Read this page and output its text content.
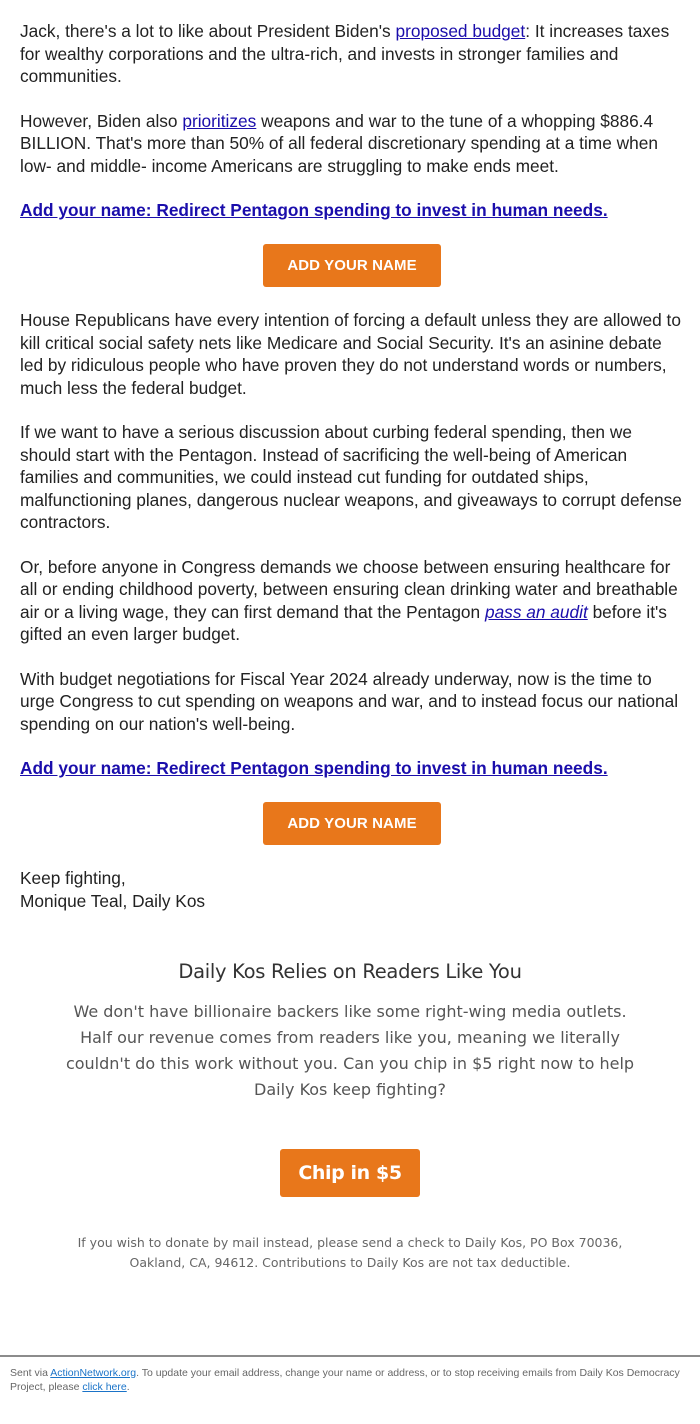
Jack, there's a lot to like about President Biden's proposed budget: It increases taxes for wealthy corporations and the ultra-rich, and invests in stronger families and communities.

However, Biden also prioritizes weapons and war to the tune of a whopping $886.4 BILLION. That's more than 50% of all federal discretionary spending at a time when low- and middle- income Americans are struggling to make ends meet.

Add your name: Redirect Pentagon spending to invest in human needs.
ADD YOUR NAME

House Republicans have every intention of forcing a default unless they are allowed to kill critical social safety nets like Medicare and Social Security. It's an asinine debate led by ridiculous people who have proven they do not understand words or numbers, much less the federal budget.

If we want to have a serious discussion about curbing federal spending, then we should start with the Pentagon. Instead of sacrificing the well-being of American families and communities, we could instead cut funding for outdated ships, malfunctioning planes, dangerous nuclear weapons, and giveaways to corrupt defense contractors.

Or, before anyone in Congress demands we choose between ensuring healthcare for all or ending childhood poverty, between ensuring clean drinking water and breathable air or a living wage, they can first demand that the Pentagon pass an audit before it's gifted an even larger budget.

With budget negotiations for Fiscal Year 2024 already underway, now is the time to urge Congress to cut spending on weapons and war, and to instead focus our national spending on our nation's well-being.

Add your name: Redirect Pentagon spending to invest in human needs.
ADD YOUR NAME

Keep fighting,
Monique Teal, Daily Kos

Daily Kos Relies on Readers Like You

We don't have billionaire backers like some right-wing media outlets. Half our revenue comes from readers like you, meaning we literally couldn't do this work without you. Can you chip in $5 right now to help Daily Kos keep fighting?

Chip in $5

If you wish to donate by mail instead, please send a check to Daily Kos, PO Box 70036, Oakland, CA, 94612. Contributions to Daily Kos are not tax deductible.

Sent via ActionNetwork.org. To update your email address, change your name or address, or to stop receiving emails from Daily Kos Democracy Project, please click here.
